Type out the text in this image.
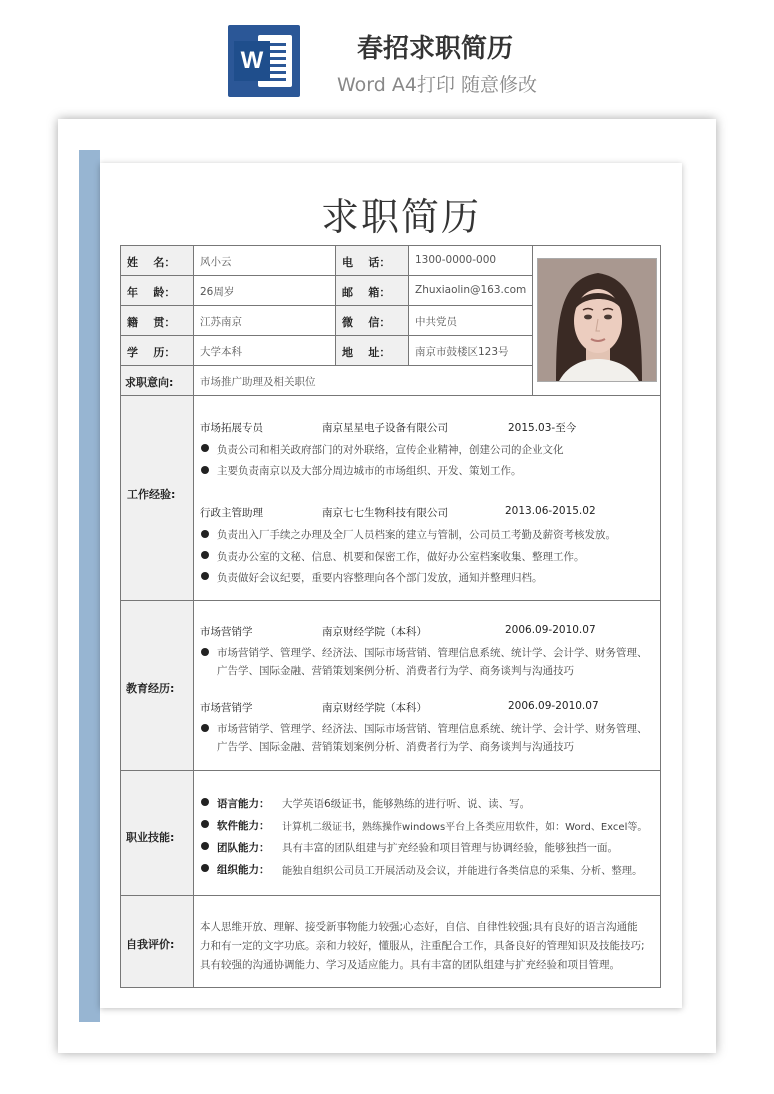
W	春招求职简历
Word A4打印 随意修改
求职简历
姓    名： 风小云	电    话： 1300-0000-000
年    龄： 26周岁	邮    箱： Zhuxiaolin@163.com
籍    贯： 江苏南京	微    信： 中共党员
学    历： 大学本科	地    址： 南京市鼓楼区123号
求职意向:	市场推广助理及相关职位
工作经验:
市场拓展专员	南京星星电子设备有限公司	2015.03-至今
负责公司和相关政府部门的对外联络，宣传企业精神，创建公司的企业文化
主要负责南京以及大部分周边城市的市场组织、开发、策划工作。
行政主管助理	南京七七生物科技有限公司	2013.06-2015.02
负责出入厂手续之办理及全厂人员档案的建立与管制，公司员工考勤及薪资考核发放。
负责办公室的文秘、信息、机要和保密工作，做好办公室档案收集、整理工作。
负责做好会议纪要，重要内容整理向各个部门发放，通知并整理归档。
教育经历:
市场营销学	南京财经学院（本科）	2006.09-2010.07
市场营销学、管理学、经济法、国际市场营销、管理信息系统、统计学、会计学、财务管理、
广告学、国际金融、营销策划案例分析、消费者行为学、商务谈判与沟通技巧
市场营销学	南京财经学院（本科）	2006.09-2010.07
市场营销学、管理学、经济法、国际市场营销、管理信息系统、统计学、会计学、财务管理、
广告学、国际金融、营销策划案例分析、消费者行为学、商务谈判与沟通技巧
职业技能:
语言能力： 大学英语6级证书，能够熟练的进行听、说、读、写。
软件能力： 计算机二级证书，熟练操作windows平台上各类应用软件，如：Word、Excel等。
团队能力： 具有丰富的团队组建与扩充经验和项目管理与协调经验，能够独挡一面。
组织能力： 能独自组织公司员工开展活动及会议，并能进行各类信息的采集、分析、整理。
自我评价:
本人思维开放、理解、接受新事物能力较强;心态好，自信、自律性较强;具有良好的语言沟通能
力和有一定的文字功底。亲和力较好，懂服从，注重配合工作，具备良好的管理知识及技能技巧;
具有较强的沟通协调能力、学习及适应能力。具有丰富的团队组建与扩充经验和项目管理。
